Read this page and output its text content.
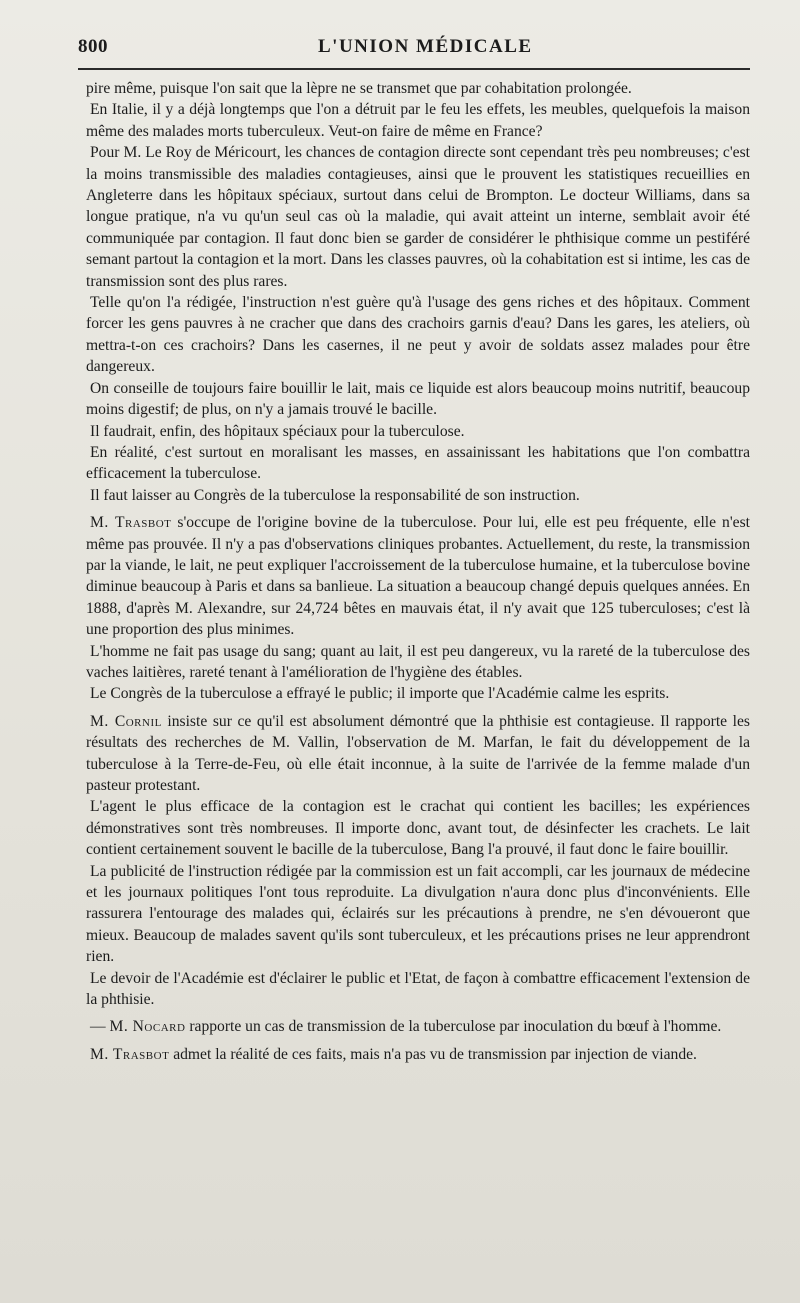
800	L'UNION MÉDICALE

pire même, puisque l'on sait que la lèpre ne se transmet que par cohabitation prolongée.

En Italie, il y a déjà longtemps que l'on a détruit par le feu les effets, les meubles, quelquefois la maison même des malades morts tuberculeux. Veut-on faire de même en France?

Pour M. Le Roy de Méricourt, les chances de contagion directe sont cependant très peu nombreuses; c'est la moins transmissible des maladies contagieuses, ainsi que le prouvent les statistiques recueillies en Angleterre dans les hôpitaux spéciaux, surtout dans celui de Brompton. Le docteur Williams, dans sa longue pratique, n'a vu qu'un seul cas où la maladie, qui avait atteint un interne, semblait avoir été communiquée par contagion. Il faut donc bien se garder de considérer le phthisique comme un pestiféré semant partout la contagion et la mort. Dans les classes pauvres, où la cohabitation est si intime, les cas de transmission sont des plus rares.

Telle qu'on l'a rédigée, l'instruction n'est guère qu'à l'usage des gens riches et des hôpitaux. Comment forcer les gens pauvres à ne cracher que dans des crachoirs garnis d'eau? Dans les gares, les ateliers, où mettra-t-on ces crachoirs? Dans les casernes, il ne peut y avoir de soldats assez malades pour être dangereux.

On conseille de toujours faire bouillir le lait, mais ce liquide est alors beaucoup moins nutritif, beaucoup moins digestif; de plus, on n'y a jamais trouvé le bacille.

Il faudrait, enfin, des hôpitaux spéciaux pour la tuberculose.

En réalité, c'est surtout en moralisant les masses, en assainissant les habitations que l'on combattra efficacement la tuberculose.

Il faut laisser au Congrès de la tuberculose la responsabilité de son instruction.

M. Trasbot s'occupe de l'origine bovine de la tuberculose. Pour lui, elle est peu fréquente, elle n'est même pas prouvée. Il n'y a pas d'observations cliniques probantes. Actuellement, du reste, la transmission par la viande, le lait, ne peut expliquer l'accroissement de la tuberculose humaine, et la tuberculose bovine diminue beaucoup à Paris et dans sa banlieue. La situation a beaucoup changé depuis quelques années. En 1888, d'après M. Alexandre, sur 24,724 bêtes en mauvais état, il n'y avait que 125 tuberculoses; c'est là une proportion des plus minimes.

L'homme ne fait pas usage du sang; quant au lait, il est peu dangereux, vu la rareté de la tuberculose des vaches laitières, rareté tenant à l'amélioration de l'hygiène des étables.

Le Congrès de la tuberculose a effrayé le public; il importe que l'Académie calme les esprits.

M. Cornil insiste sur ce qu'il est absolument démontré que la phthisie est contagieuse. Il rapporte les résultats des recherches de M. Vallin, l'observation de M. Marfan, le fait du développement de la tuberculose à la Terre-de-Feu, où elle était inconnue, à la suite de l'arrivée de la femme malade d'un pasteur protestant.

L'agent le plus efficace de la contagion est le crachat qui contient les bacilles; les expériences démonstratives sont très nombreuses. Il importe donc, avant tout, de désinfecter les crachets. Le lait contient certainement souvent le bacille de la tuberculose, Bang l'a prouvé, il faut donc le faire bouillir.

La publicité de l'instruction rédigée par la commission est un fait accompli, car les journaux de médecine et les journaux politiques l'ont tous reproduite. La divulgation n'aura donc plus d'inconvénients. Elle rassurera l'entourage des malades qui, éclairés sur les précautions à prendre, ne s'en dévoueront que mieux. Beaucoup de malades savent qu'ils sont tuberculeux, et les précautions prises ne leur apprendront rien.

Le devoir de l'Académie est d'éclairer le public et l'Etat, de façon à combattre efficacement l'extension de la phthisie.

— M. Nocard rapporte un cas de transmission de la tuberculose par inoculation du bœuf à l'homme.

M. Trasbot admet la réalité de ces faits, mais n'a pas vu de transmission par injection de viande.
